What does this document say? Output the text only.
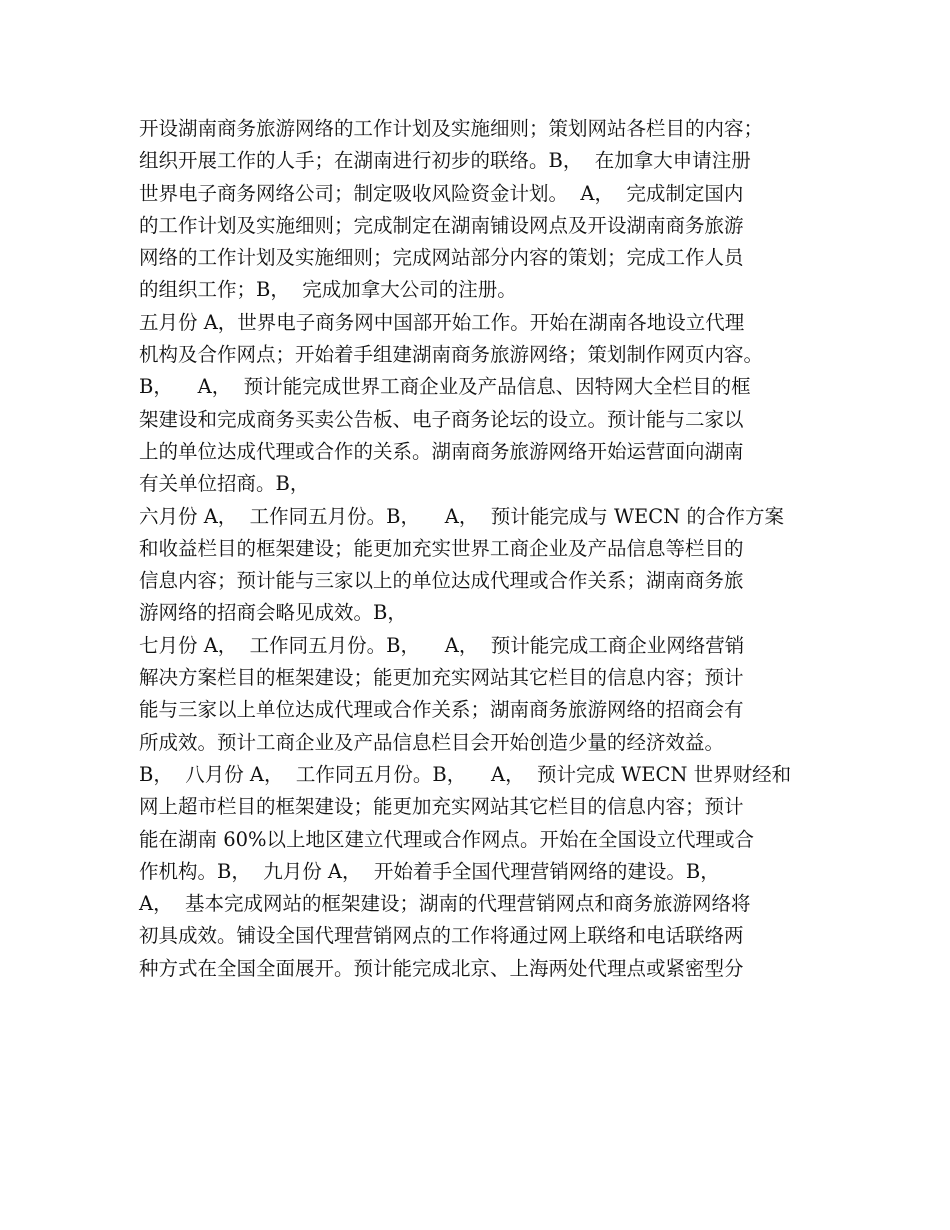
开设湖南商务旅游网络的工作计划及实施细则；策划网站各栏目的内容；
组织开展工作的人手；在湖南进行初步的联络。B，  在加拿大申请注册
世界电子商务网络公司；制定吸收风险资金计划。  A，  完成制定国内
的工作计划及实施细则；完成制定在湖南铺设网点及开设湖南商务旅游
网络的工作计划及实施细则；完成网站部分内容的策划；完成工作人员
的组织工作；B，  完成加拿大公司的注册。
五月份 A，世界电子商务网中国部开始工作。开始在湖南各地设立代理
机构及合作网点；开始着手组建湖南商务旅游网络；策划制作网页内容。
B，    A，  预计能完成世界工商企业及产品信息、因特网大全栏目的框
架建设和完成商务买卖公告板、电子商务论坛的设立。预计能与二家以
上的单位达成代理或合作的关系。湖南商务旅游网络开始运营面向湖南
有关单位招商。B，
六月份 A，  工作同五月份。B，    A，  预计能完成与 WECN 的合作方案
和收益栏目的框架建设；能更加充实世界工商企业及产品信息等栏目的
信息内容；预计能与三家以上的单位达成代理或合作关系；湖南商务旅
游网络的招商会略见成效。B，
七月份 A，  工作同五月份。B，    A，  预计能完成工商企业网络营销
解决方案栏目的框架建设；能更加充实网站其它栏目的信息内容；预计
能与三家以上单位达成代理或合作关系；湖南商务旅游网络的招商会有
所成效。预计工商企业及产品信息栏目会开始创造少量的经济效益。
B，  八月份 A，  工作同五月份。B，    A，  预计完成 WECN 世界财经和
网上超市栏目的框架建设；能更加充实网站其它栏目的信息内容；预计
能在湖南 60%以上地区建立代理或合作网点。开始在全国设立代理或合
作机构。B，  九月份 A，  开始着手全国代理营销网络的建设。B，
A，  基本完成网站的框架建设；湖南的代理营销网点和商务旅游网络将
初具成效。铺设全国代理营销网点的工作将通过网上联络和电话联络两
种方式在全国全面展开。预计能完成北京、上海两处代理点或紧密型分
